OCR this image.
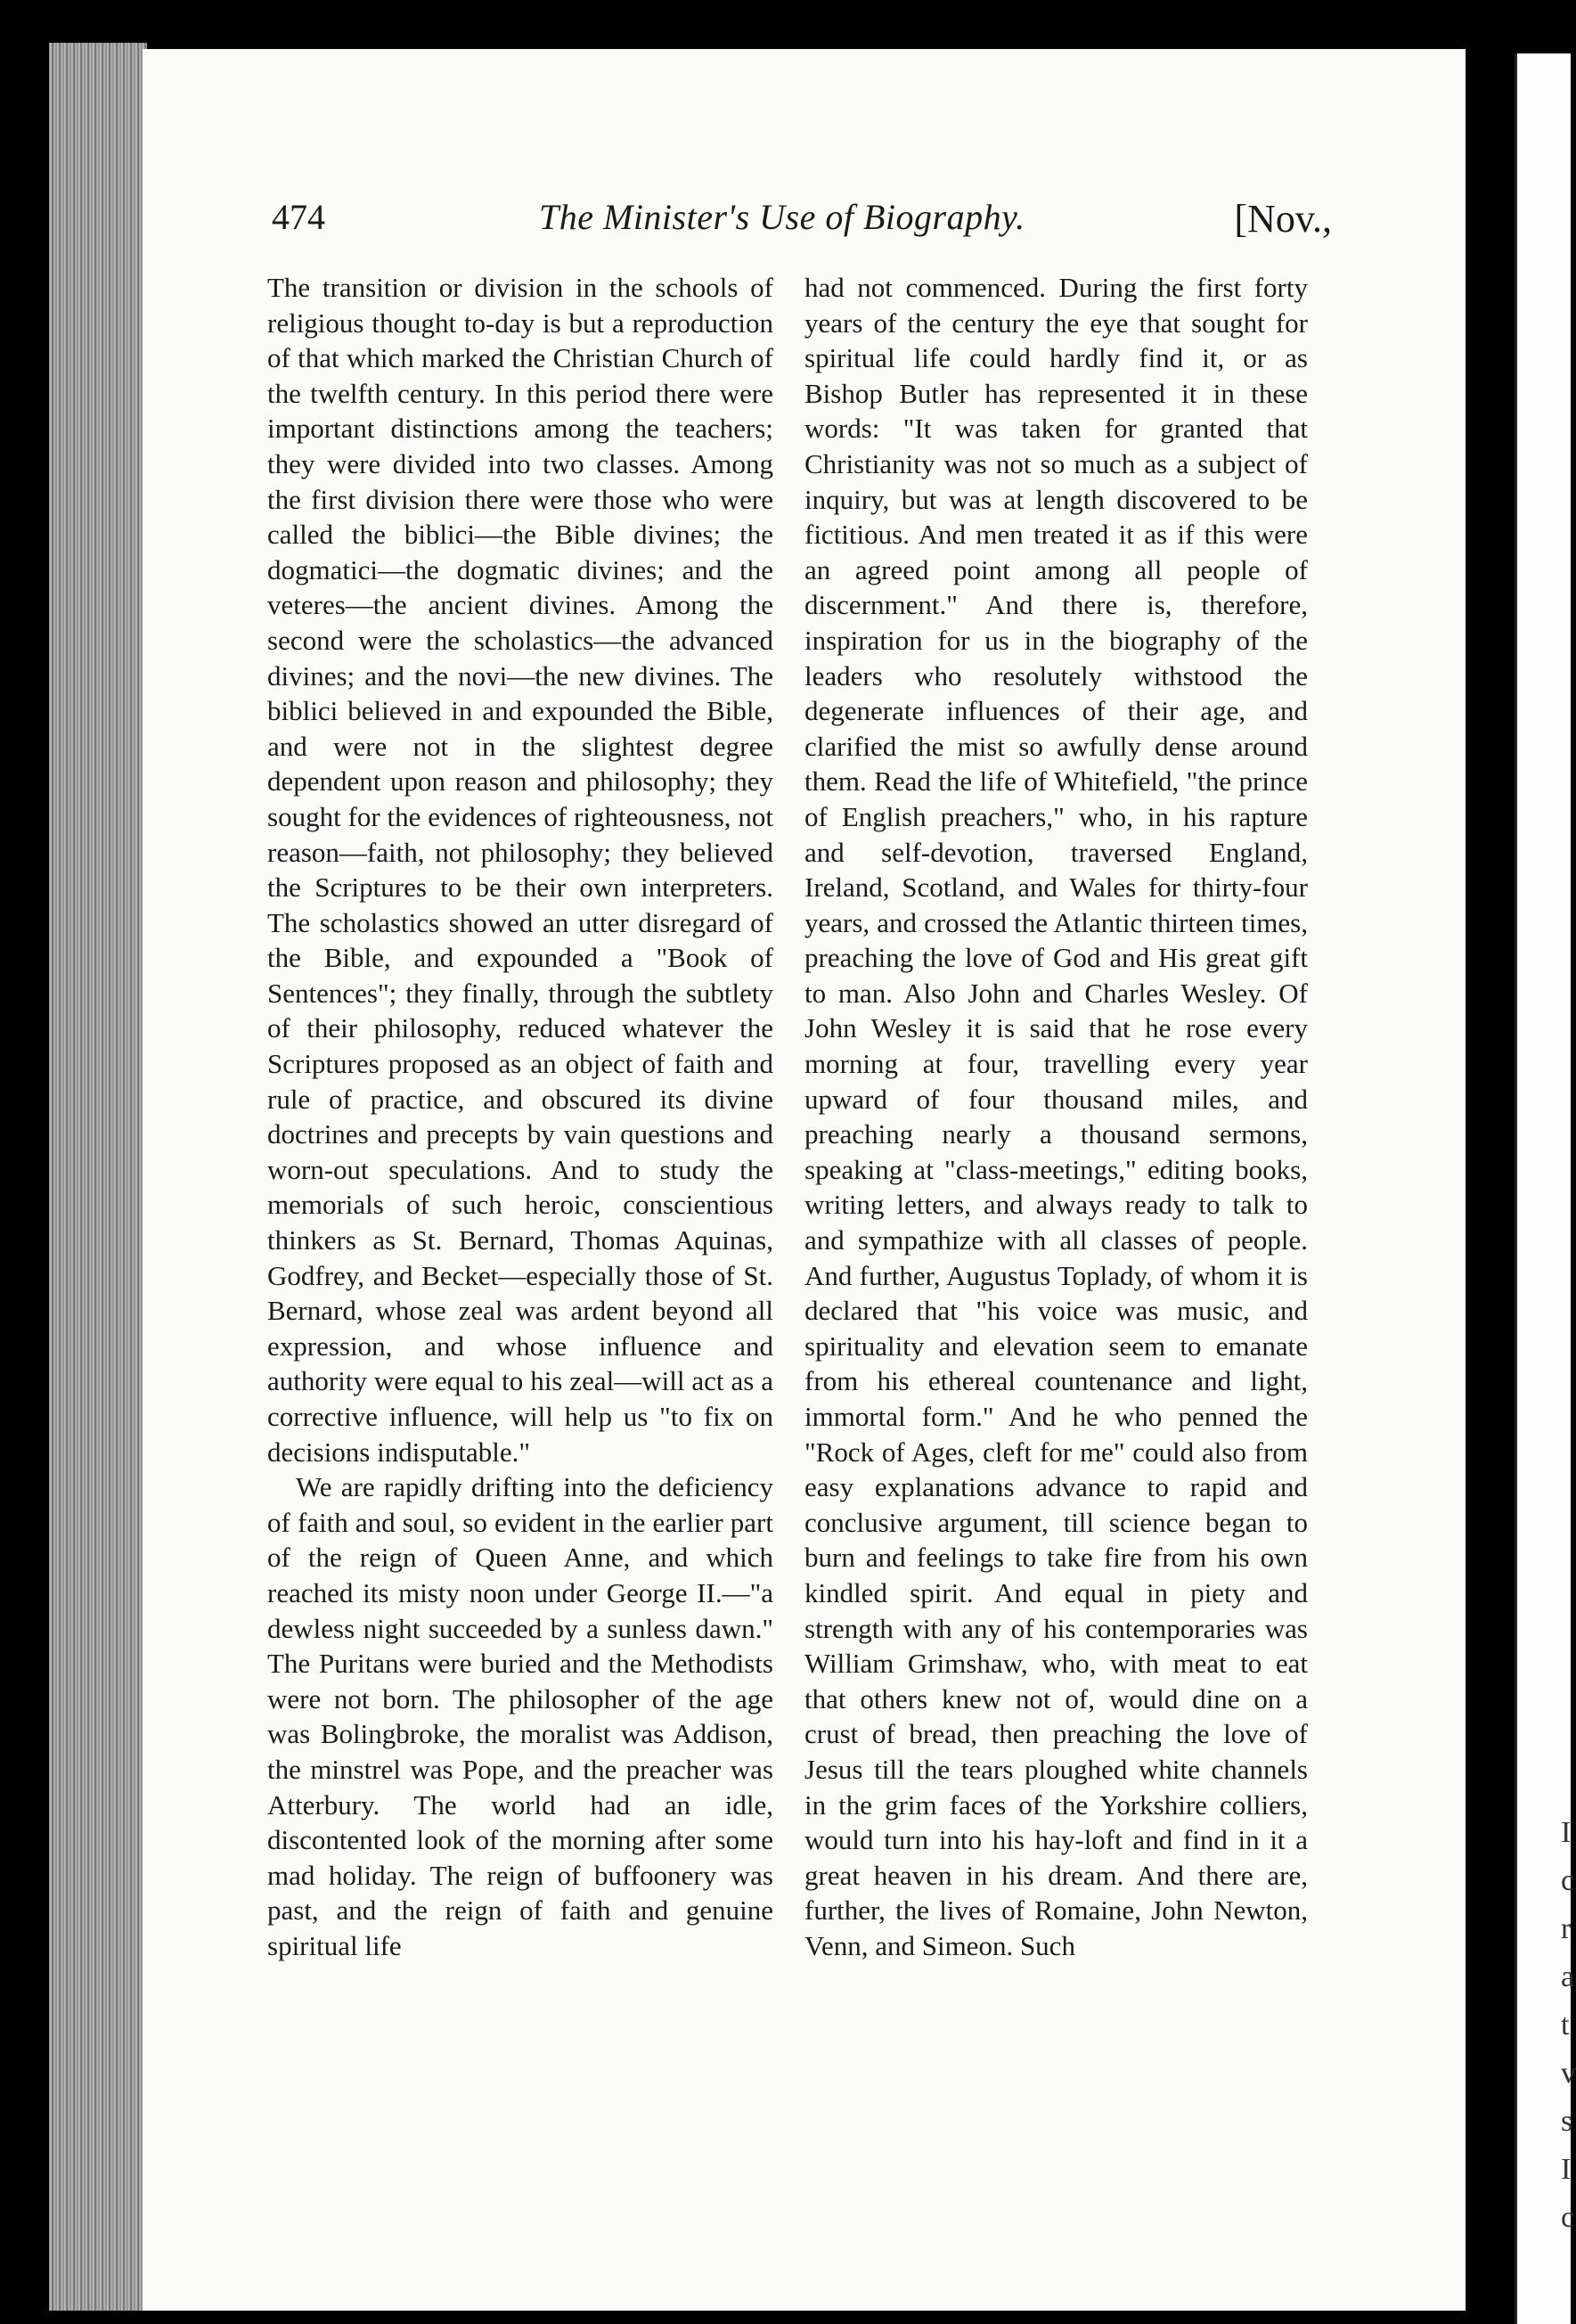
I
c
r
a
t
v
s
I
c
474	The Minister's Use of Biography.	[Nov.,

The transition or division in the schools of religious thought to-day is but a reproduction of that which marked the Christian Church of the twelfth century. In this period there were important distinctions among the teachers; they were divided into two classes. Among the first division there were those who were called the biblici—the Bible divines; the dogmatici—the dogmatic divines; and the veteres—the ancient divines. Among the second were the scholastics—the advanced divines; and the novi—the new divines. The biblici believed in and expounded the Bible, and were not in the slightest degree dependent upon reason and philosophy; they sought for the evidences of righteousness, not reason—faith, not philosophy; they believed the Scriptures to be their own interpreters. The scholastics showed an utter disregard of the Bible, and expounded a "Book of Sentences"; they finally, through the subtlety of their philosophy, reduced whatever the Scriptures proposed as an object of faith and rule of practice, and obscured its divine doctrines and precepts by vain questions and worn-out speculations. And to study the memorials of such heroic, conscientious thinkers as St. Bernard, Thomas Aquinas, Godfrey, and Becket—especially those of St. Bernard, whose zeal was ardent beyond all expression, and whose influence and authority were equal to his zeal—will act as a corrective influence, will help us "to fix on decisions indisputable."

We are rapidly drifting into the deficiency of faith and soul, so evident in the earlier part of the reign of Queen Anne, and which reached its misty noon under George II.—"a dewless night succeeded by a sunless dawn." The Puritans were buried and the Methodists were not born. The philosopher of the age was Bolingbroke, the moralist was Addison, the minstrel was Pope, and the preacher was Atterbury. The world had an idle, discontented look of the morning after some mad holiday. The reign of buffoonery was past, and the reign of faith and genuine spiritual life

had not commenced. During the first forty years of the century the eye that sought for spiritual life could hardly find it, or as Bishop Butler has represented it in these words: "It was taken for granted that Christianity was not so much as a subject of inquiry, but was at length discovered to be fictitious. And men treated it as if this were an agreed point among all people of discernment." And there is, therefore, inspiration for us in the biography of the leaders who resolutely withstood the degenerate influences of their age, and clarified the mist so awfully dense around them. Read the life of Whitefield, "the prince of English preachers," who, in his rapture and self-devotion, traversed England, Ireland, Scotland, and Wales for thirty-four years, and crossed the Atlantic thirteen times, preaching the love of God and His great gift to man. Also John and Charles Wesley. Of John Wesley it is said that he rose every morning at four, travelling every year upward of four thousand miles, and preaching nearly a thousand sermons, speaking at "class-meetings," editing books, writing letters, and always ready to talk to and sympathize with all classes of people. And further, Augustus Toplady, of whom it is declared that "his voice was music, and spirituality and elevation seem to emanate from his ethereal countenance and light, immortal form." And he who penned the "Rock of Ages, cleft for me" could also from easy explanations advance to rapid and conclusive argument, till science began to burn and feelings to take fire from his own kindled spirit. And equal in piety and strength with any of his contemporaries was William Grimshaw, who, with meat to eat that others knew not of, would dine on a crust of bread, then preaching the love of Jesus till the tears ploughed white channels in the grim faces of the Yorkshire colliers, would turn into his hay-loft and find in it a great heaven in his dream. And there are, further, the lives of Romaine, John Newton, Venn, and Simeon. Such
